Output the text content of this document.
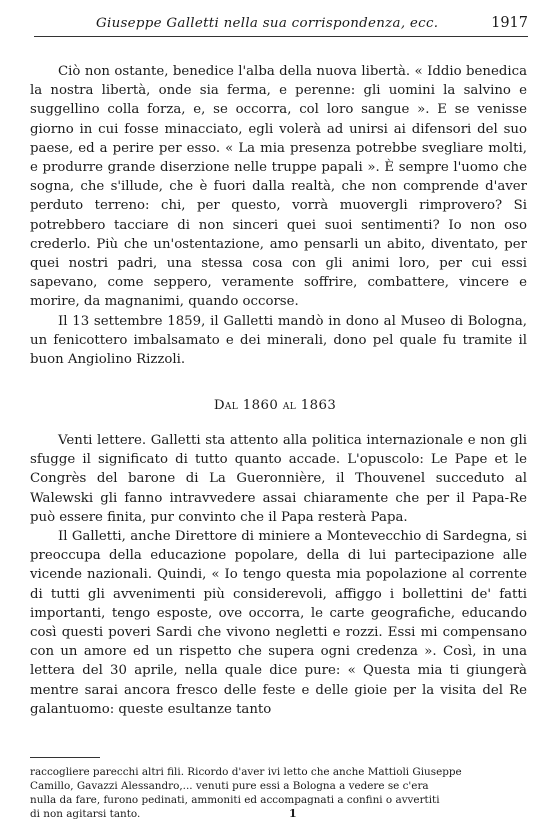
Giuseppe Galletti nella sua corrispondenza, ecc.	1917

Ciò non ostante, benedice l'alba della nuova libertà. « Iddio benedica la nostra libertà, onde sia ferma, e perenne: gli uomini la salvino e suggellino colla forza, e, se occorra, col loro sangue ». E se venisse giorno in cui fosse minacciato, egli volerà ad unirsi ai difensori del suo paese, ed a perire per esso. « La mia presenza potrebbe svegliare molti, e produrre grande diserzione nelle truppe papali ». È sempre l'uomo che sogna, che s'illude, che è fuori dalla realtà, che non comprende d'aver perduto terreno: chi, per questo, vorrà muovergli rimprovero? Si potrebbero tacciare di non sinceri quei suoi sentimenti? Io non oso crederlo. Più che un'ostentazione, amo pensarli un abito, diventato, per quei nostri padri, una stessa cosa con gli animi loro, per cui essi sapevano, come seppero, veramente soffrire, combattere, vincere e morire, da magnanimi, quando occorse.

Il 13 settembre 1859, il Galletti mandò in dono al Museo di Bologna, un fenicottero imbalsamato e dei minerali, dono pel quale fu tramite il buon Angiolino Rizzoli.

Dal 1860 al 1863

Venti lettere. Galletti sta attento alla politica internazionale e non gli sfugge il significato di tutto quanto accade. L'opuscolo: Le Pape et le Congrès del barone di La Gueronnière, il Thouvenel succeduto al Walewski gli fanno intravvedere assai chiaramente che per il Papa-Re può essere finita, pur convinto che il Papa resterà Papa.

Il Galletti, anche Direttore di miniere a Montevecchio di Sardegna, si preoccupa della educazione popolare, della di lui partecipazione alle vicende nazionali. Quindi, « Io tengo questa mia popolazione al corrente di tutti gli avvenimenti più considerevoli, affiggo i bollettini de' fatti importanti, tengo esposte, ove occorra, le carte geografiche, educando così questi poveri Sardi che vivono negletti e rozzi. Essi mi compensano con un amore ed un rispetto che supera ogni credenza ». Così, in una lettera del 30 aprile, nella quale dice pure: « Questa mia ti giungerà mentre sarai ancora fresco delle feste e delle gioie per la visita del Re galantuomo: queste esultanze tanto

raccogliere parecchi altri fili. Ricordo d'aver ivi letto che anche Mattioli Giuseppe
Camillo, Gavazzi Alessandro,... venuti pure essi a Bologna a vedere se c'era
nulla da fare, furono pedinati, ammoniti ed accompagnati a confini o avvertiti
di non agitarsi tanto.	1
